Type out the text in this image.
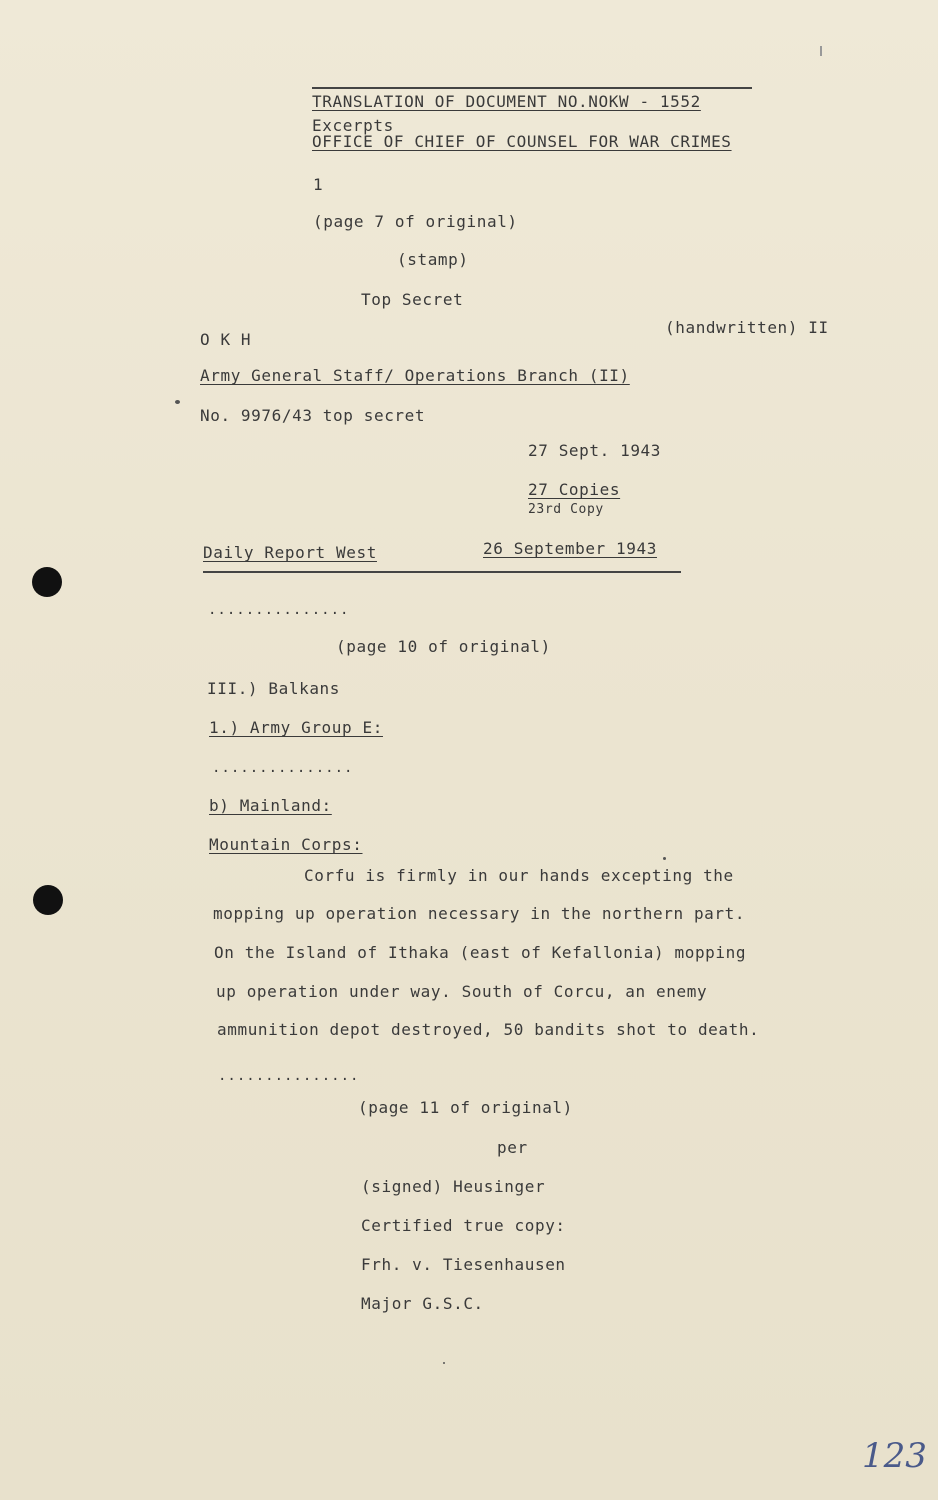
TRANSLATION OF DOCUMENT NO.NOKW - 1552
Excerpts
OFFICE OF CHIEF OF COUNSEL FOR WAR CRIMES
1
(page 7 of original)
(stamp)
Top Secret
O K H
(handwritten) II
Army General Staff/ Operations Branch (II)
No. 9976/43 top secret
27 Sept. 1943
27 Copies
23rd Copy
Daily Report West	26 September 1943
...............
(page 10 of original)
III.) Balkans
1.) Army Group E:
...............
b) Mainland:
Mountain Corps:
Corfu is firmly in our hands excepting the
mopping up operation necessary in the northern part.
On the Island of Ithaka (east of Kefallonia) mopping
up operation under way. South of Corcu, an enemy
ammunition depot destroyed, 50 bandits shot to death.
...............
(page 11 of original)
per
(signed) Heusinger
Certified true copy:
Frh. v. Tiesenhausen
Major G.S.C.
123
